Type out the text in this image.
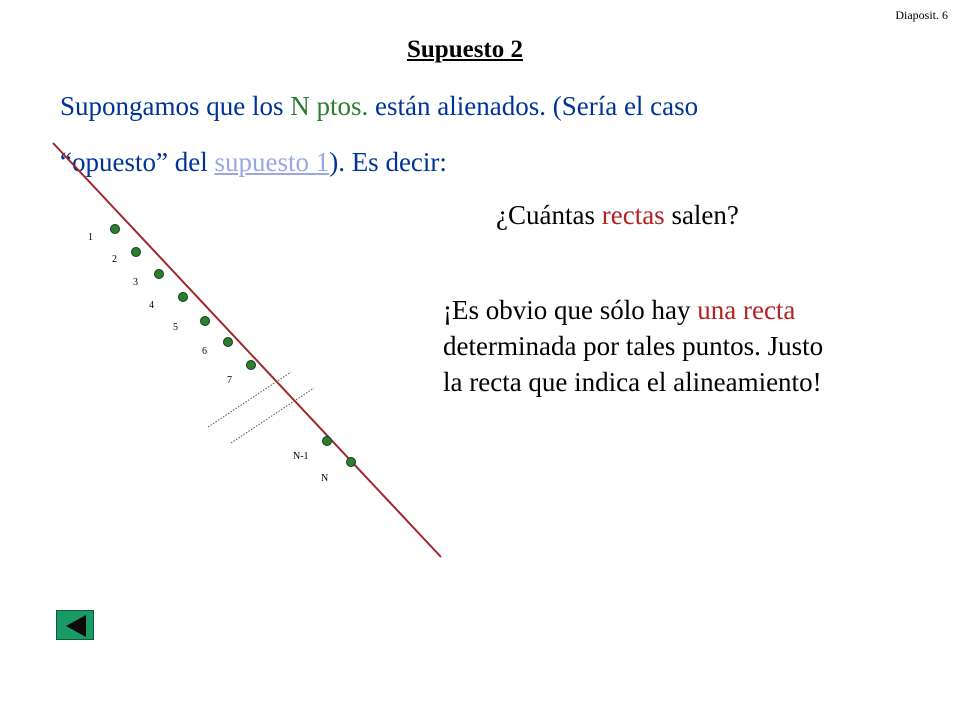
Diaposit. 6
Supuesto 2
Supongamos que los N ptos. están alienados. (Sería el caso
“opuesto” del supuesto 1). Es decir:
¿Cuántas rectas salen?
¡Es obvio que sólo hay una recta
determinada por tales puntos. Justo
la recta que indica el alineamiento!
1
2
3
4
5
6
7
N-1
N
